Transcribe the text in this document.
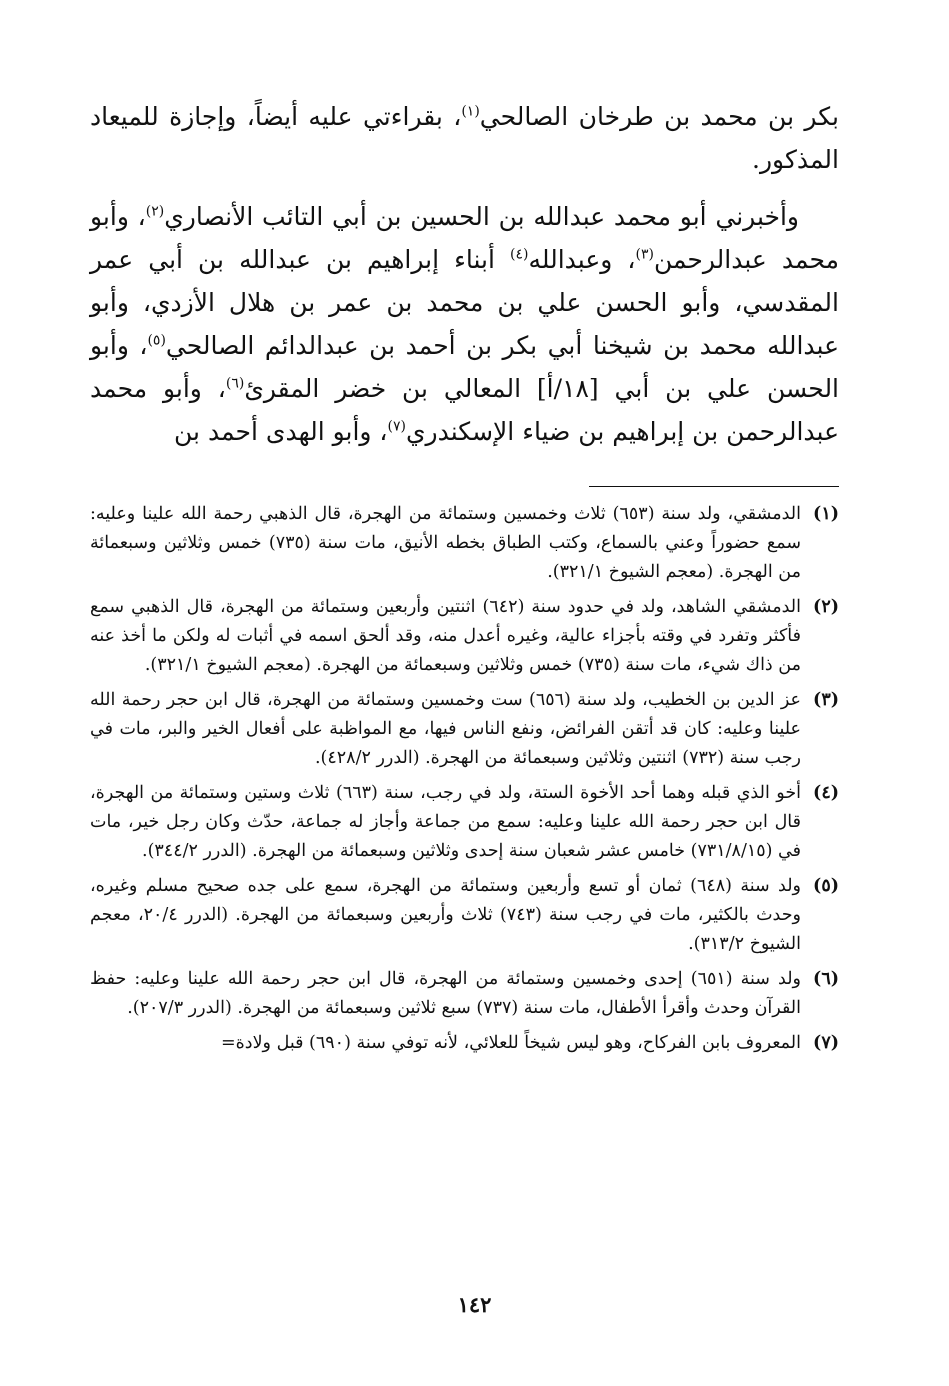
بكر بن محمد بن طرخان الصالحي$^{(١)}$، بقراءتي عليه أيضاً، وإجازة للميعاد المذكور.

وأخبرني أبو محمد عبدالله بن الحسين بن أبي التائب الأنصاري$^{(٢)}$، وأبو محمد عبدالرحمن$^{(٣)}$، وعبدالله$^{(٤)}$ أبناء إبراهيم بن عبدالله بن أبي عمر المقدسي، وأبو الحسن علي بن محمد بن عمر بن هلال الأزدي، وأبو عبدالله محمد بن شيخنا أبي بكر بن أحمد بن عبدالدائم الصالحي$^{(٥)}$، وأبو الحسن علي بن أبي [١٨/أ] المعالي بن خضر المقرئ$^{(٦)}$، وأبو محمد عبدالرحمن بن إبراهيم بن ضياء الإسكندري$^{(٧)}$، وأبو الهدى أحمد بن

(١)
الدمشقي، ولد سنة (٦٥٣) ثلاث وخمسين وستمائة من الهجرة، قال الذهبي رحمة الله علينا وعليه: سمع حضوراً وعني بالسماع، وكتب الطباق بخطه الأنيق، مات سنة (٧٣٥) خمس وثلاثين وسبعمائة من الهجرة. (معجم الشيوخ ٣٢١/١).
(٢)
الدمشقي الشاهد، ولد في حدود سنة (٦٤٢) اثنتين وأربعين وستمائة من الهجرة، قال الذهبي سمع فأكثر وتفرد في وقته بأجزاء عالية، وغيره أعدل منه، وقد ألحق اسمه في أثبات له ولكن ما أخذ عنه من ذاك شيء، مات سنة (٧٣٥) خمس وثلاثين وسبعمائة من الهجرة. (معجم الشيوخ ٣٢١/١).
(٣)
عز الدين بن الخطيب، ولد سنة (٦٥٦) ست وخمسين وستمائة من الهجرة، قال ابن حجر رحمة الله علينا وعليه: كان قد أتقن الفرائض، ونفع الناس فيها، مع المواظبة على أفعال الخير والبر، مات في رجب سنة (٧٣٢) اثنتين وثلاثين وسبعمائة من الهجرة. (الدرر ٤٢٨/٢).
(٤)
أخو الذي قبله وهما أحد الأخوة الستة، ولد في رجب، سنة (٦٦٣) ثلاث وستين وستمائة من الهجرة، قال ابن حجر رحمة الله علينا وعليه: سمع من جماعة وأجاز له جماعة، حدّث وكان رجل خير، مات في (٧٣١/٨/١٥) خامس عشر شعبان سنة إحدى وثلاثين وسبعمائة من الهجرة. (الدرر ٣٤٤/٢).
(٥)
ولد سنة (٦٤٨) ثمان أو تسع وأربعين وستمائة من الهجرة، سمع على جده صحيح مسلم وغيره، وحدث بالكثير، مات في رجب سنة (٧٤٣) ثلاث وأربعين وسبعمائة من الهجرة. (الدرر ٢٠/٤، معجم الشيوخ ٣١٣/٢).
(٦)
ولد سنة (٦٥١) إحدى وخمسين وستمائة من الهجرة، قال ابن حجر رحمة الله علينا وعليه: حفظ القرآن وحدث وأقرأ الأطفال، مات سنة (٧٣٧) سبع ثلاثين وسبعمائة من الهجرة. (الدرر ٢٠٧/٣).
(٧)
المعروف بابن الفركاح، وهو ليس شيخاً للعلائي، لأنه توفي سنة (٦٩٠) قبل ولادة=
١٤٢
